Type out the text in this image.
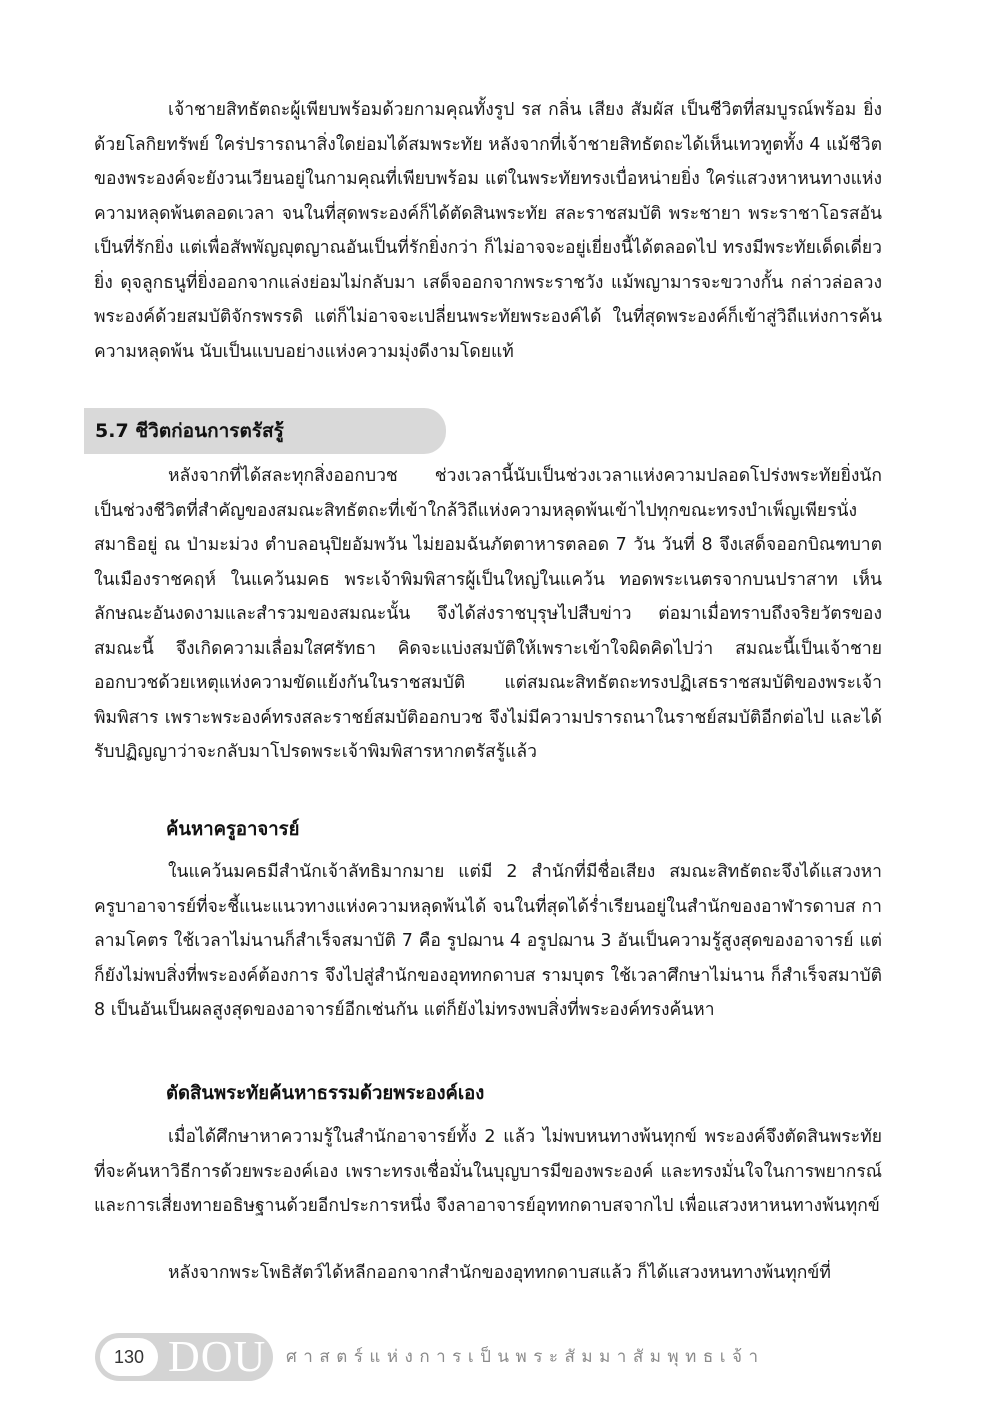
เจ้าชายสิทธัตถะผู้เพียบพร้อมด้วยกามคุณทั้งรูป รส กลิ่น เสียง สัมผัส เป็นชีวิตที่สมบูรณ์พร้อม ยิ่งด้วยโลกิยทรัพย์ ใคร่ปรารถนาสิ่งใดย่อมได้สมพระทัย หลังจากที่เจ้าชายสิทธัตถะได้เห็นเทวทูตทั้ง 4 แม้ชีวิตของพระองค์จะยังวนเวียนอยู่ในกามคุณที่เพียบพร้อม แต่ในพระทัยทรงเบื่อหน่ายยิ่ง ใคร่แสวงหาหนทางแห่งความหลุดพ้นตลอดเวลา จนในที่สุดพระองค์ก็ได้ตัดสินพระทัย สละราชสมบัติ พระชายา พระราชาโอรสอันเป็นที่รักยิ่ง แต่เพื่อสัพพัญญุตญาณอันเป็นที่รักยิ่งกว่า ก็ไม่อาจจะอยู่เยี่ยงนี้ได้ตลอดไป ทรงมีพระทัยเด็ดเดี่ยวยิ่ง ดุจลูกธนูที่ยิ่งออกจากแล่งย่อมไม่กลับมา เสด็จออกจากพระราชวัง แม้พญามารจะขวางกั้น กล่าวล่อลวงพระองค์ด้วยสมบัติจักรพรรดิ แต่ก็ไม่อาจจะเปลี่ยนพระทัยพระองค์ได้ ในที่สุดพระองค์ก็เข้าสู่วิถีแห่งการค้นความหลุดพ้น นับเป็นแบบอย่างแห่งความมุ่งดีงามโดยแท้

5.7 ชีวิตก่อนการตรัสรู้

หลังจากที่ได้สละทุกสิ่งออกบวช ช่วงเวลานี้นับเป็นช่วงเวลาแห่งความปลอดโปร่งพระทัยยิ่งนัก เป็นช่วงชีวิตที่สำคัญของสมณะสิทธัตถะที่เข้าใกล้วิถีแห่งความหลุดพ้นเข้าไปทุกขณะทรงบำเพ็ญเพียรนั่งสมาธิอยู่ ณ ป่ามะม่วง ตำบลอนุปิยอัมพวัน ไม่ยอมฉันภัตตาหารตลอด 7 วัน วันที่ 8 จึงเสด็จออกบิณฑบาตในเมืองราชคฤห์ ในแคว้นมคธ พระเจ้าพิมพิสารผู้เป็นใหญ่ในแคว้น ทอดพระเนตรจากบนปราสาท เห็นลักษณะอันงดงามและสำรวมของสมณะนั้น จึงได้ส่งราชบุรุษไปสืบข่าว ต่อมาเมื่อทราบถึงจริยวัตรของสมณะนี้ จึงเกิดความเลื่อมใสศรัทธา คิดจะแบ่งสมบัติให้เพราะเข้าใจผิดคิดไปว่า สมณะนี้เป็นเจ้าชาย ออกบวชด้วยเหตุแห่งความขัดแย้งกันในราชสมบัติ แต่สมณะสิทธัตถะทรงปฏิเสธราชสมบัติของพระเจ้าพิมพิสาร เพราะพระองค์ทรงสละราชย์สมบัติออกบวช จึงไม่มีความปรารถนาในราชย์สมบัติอีกต่อไป และได้รับปฏิญญาว่าจะกลับมาโปรดพระเจ้าพิมพิสารหากตรัสรู้แล้ว

ค้นหาครูอาจารย์

ในแคว้นมคธมีสำนักเจ้าลัทธิมากมาย แต่มี 2 สำนักที่มีชื่อเสียง สมณะสิทธัตถะจึงได้แสวงหาครูบาอาจารย์ที่จะชี้แนะแนวทางแห่งความหลุดพ้นได้ จนในที่สุดได้ร่ำเรียนอยู่ในสำนักของอาฬารดาบส กาลามโคตร ใช้เวลาไม่นานก็สำเร็จสมาบัติ 7 คือ รูปฌาน 4 อรูปฌาน 3 อันเป็นความรู้สูงสุดของอาจารย์ แต่ก็ยังไม่พบสิ่งที่พระองค์ต้องการ จึงไปสู่สำนักของอุททกดาบส รามบุตร ใช้เวลาศึกษาไม่นาน ก็สำเร็จสมาบัติ 8 เป็นอันเป็นผลสูงสุดของอาจารย์อีกเช่นกัน แต่ก็ยังไม่ทรงพบสิ่งที่พระองค์ทรงค้นหา

ตัดสินพระทัยค้นหาธรรมด้วยพระองค์เอง

เมื่อได้ศึกษาหาความรู้ในสำนักอาจารย์ทั้ง 2 แล้ว ไม่พบหนทางพ้นทุกข์ พระองค์จึงตัดสินพระทัยที่จะค้นหาวิธีการด้วยพระองค์เอง เพราะทรงเชื่อมั่นในบุญบารมีของพระองค์ และทรงมั่นใจในการพยากรณ์และการเสี่ยงทายอธิษฐานด้วยอีกประการหนึ่ง จึงลาอาจารย์อุททกดาบสจากไป เพื่อแสวงหาหนทางพ้นทุกข์

หลังจากพระโพธิสัตว์ได้หลีกออกจากสำนักของอุททกดาบสแล้ว ก็ได้แสวงหนทางพ้นทุกข์ที่

130 DOU ศาสตร์แห่งการเป็นพระสัมมาสัมพุทธเจ้า
